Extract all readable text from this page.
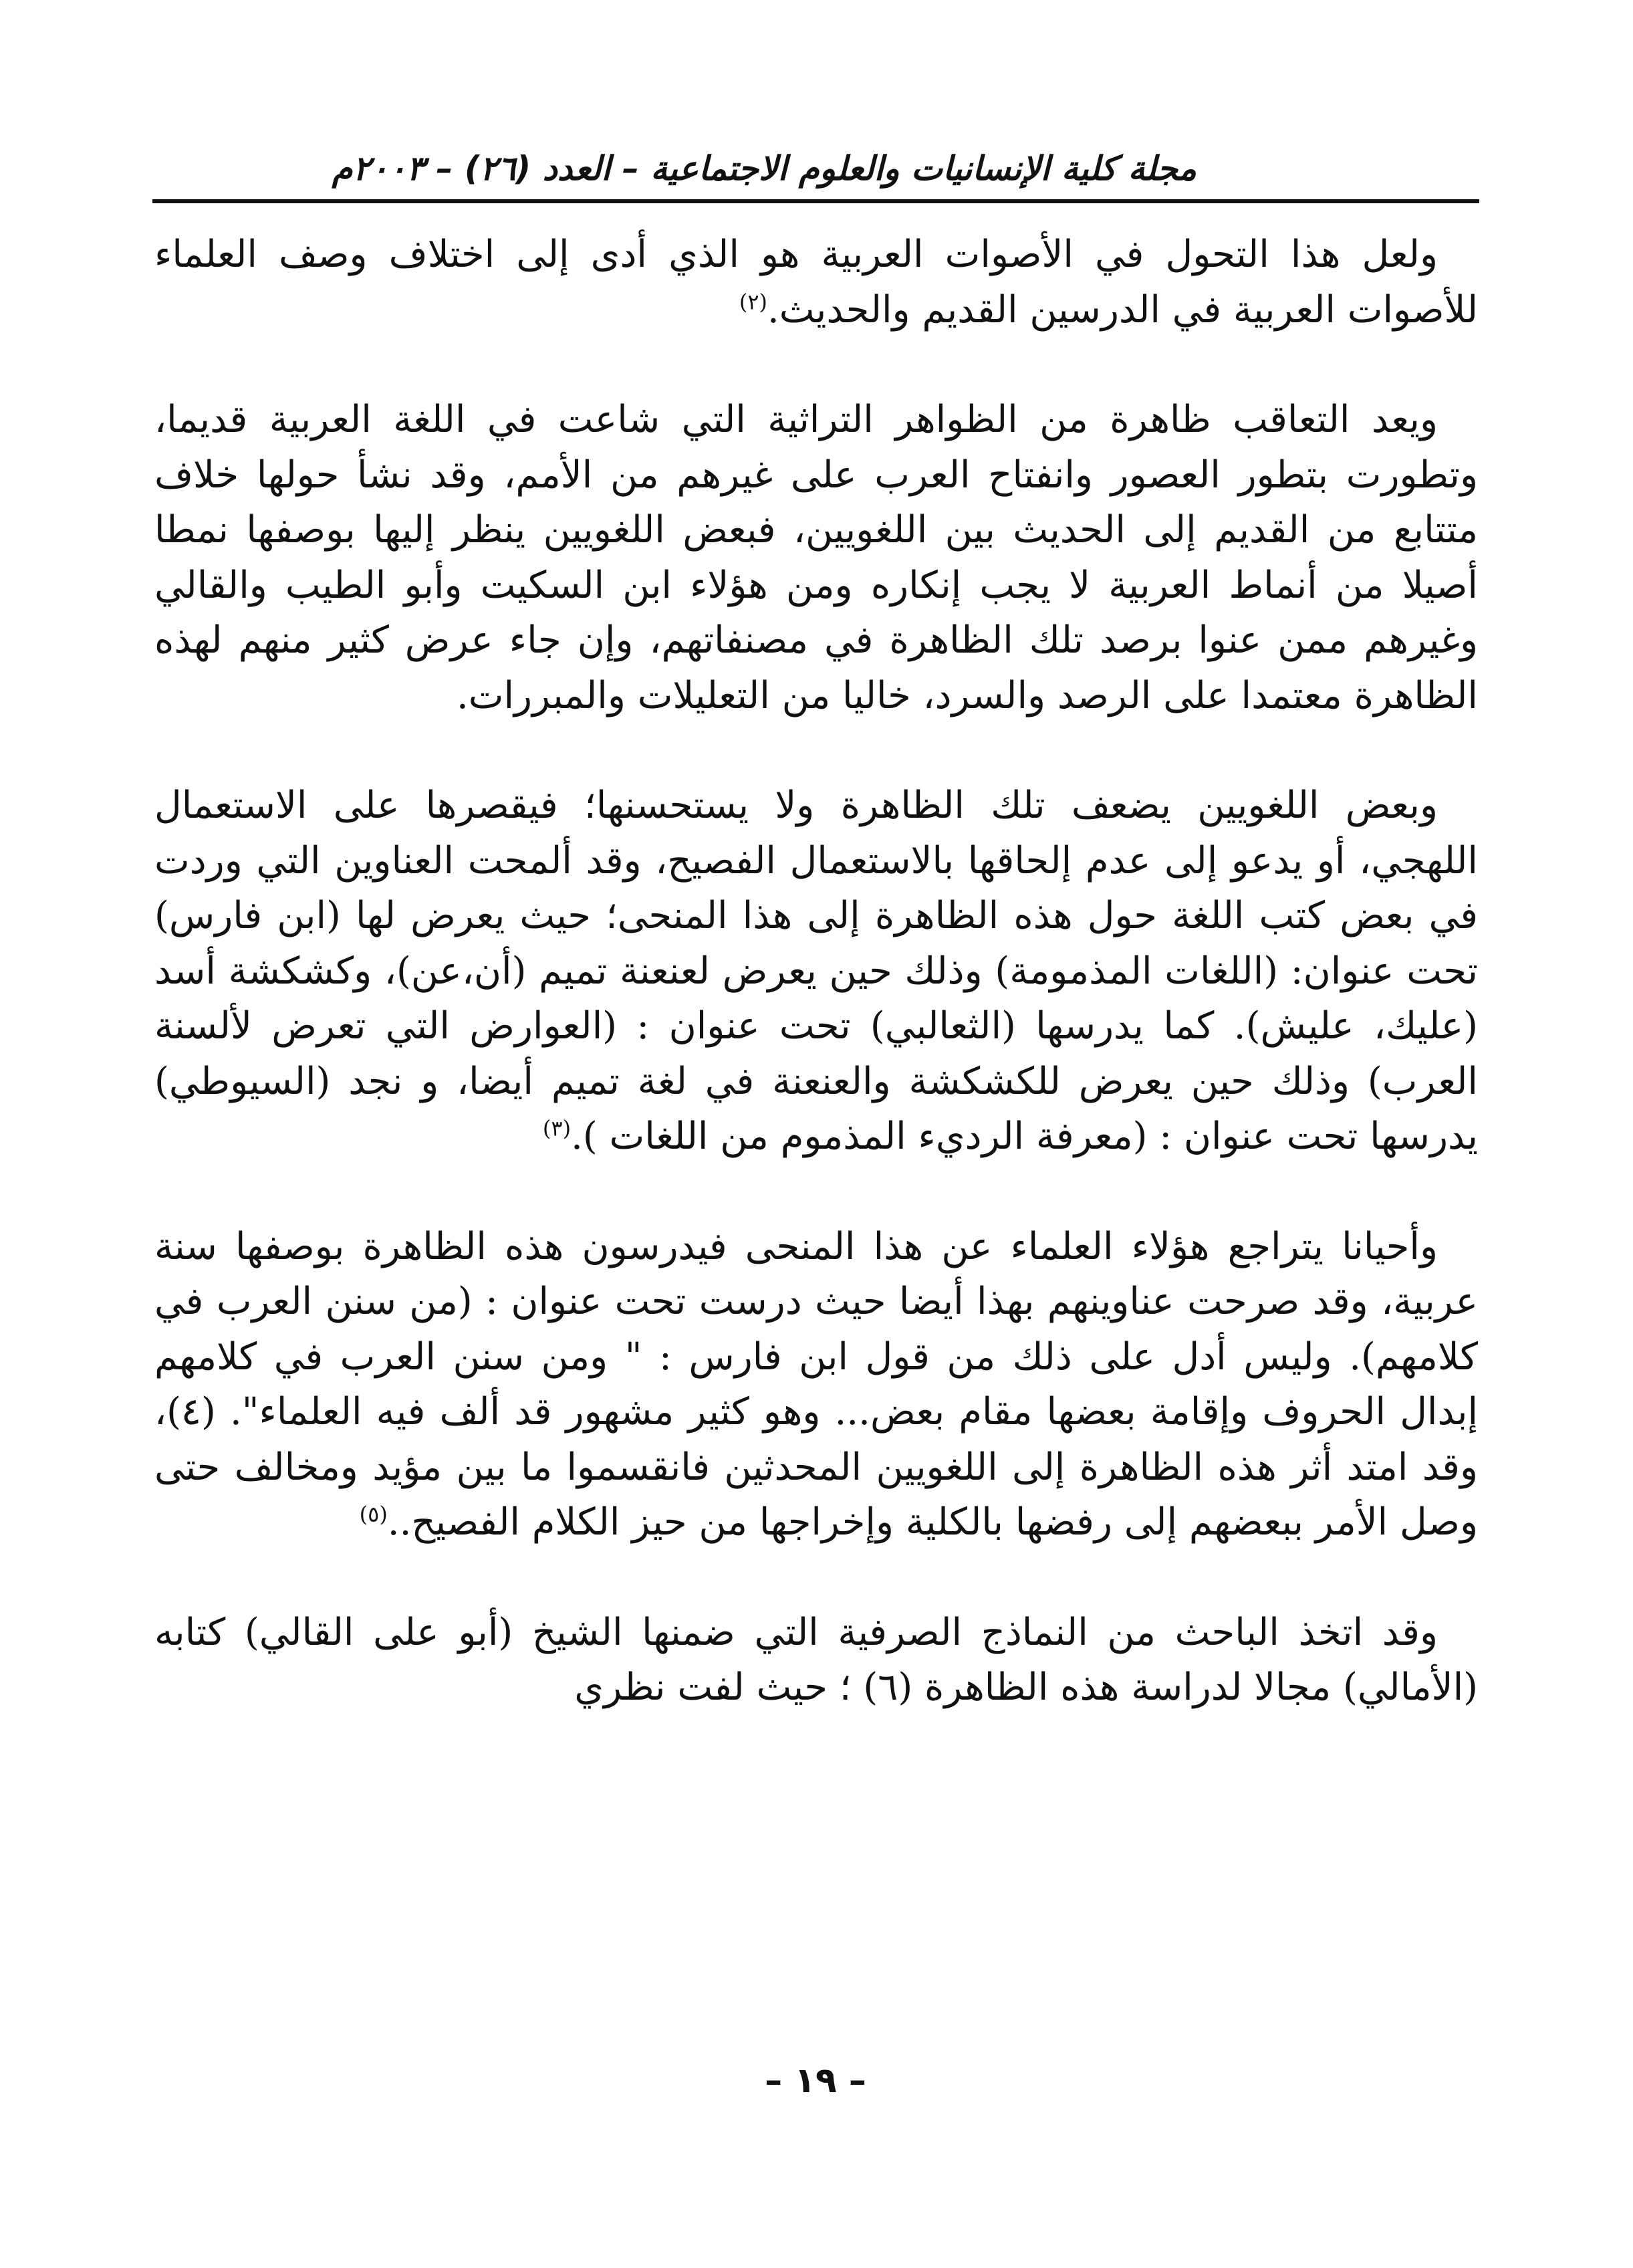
مجلة كلية الإنسانيات والعلوم الاجتماعية – العدد (٢٦) – ٢٠٠٣م

ولعل هذا التحول في الأصوات العربية هو الذي أدى إلى اختلاف وصف العلماء للأصوات العربية في الدرسين القديم والحديث.$^{(٢)}$

ويعد التعاقب ظاهرة من الظواهر التراثية التي شاعت في اللغة العربية قديما، وتطورت بتطور العصور وانفتاح العرب على غيرهم من الأمم، وقد نشأ حولها خلاف متتابع من القديم إلى الحديث بين اللغويين، فبعض اللغويين ينظر إليها بوصفها نمطا أصيلا من أنماط العربية لا يجب إنكاره ومن هؤلاء ابن السكيت وأبو الطيب والقالي وغيرهم ممن عنوا برصد تلك الظاهرة في مصنفاتهم، وإن جاء عرض كثير منهم لهذه الظاهرة معتمدا على الرصد والسرد، خاليا من التعليلات والمبررات.

وبعض اللغويين يضعف تلك الظاهرة ولا يستحسنها؛ فيقصرها على الاستعمال اللهجي، أو يدعو إلى عدم إلحاقها بالاستعمال الفصيح، وقد ألمحت العناوين التي وردت في بعض كتب اللغة حول هذه الظاهرة إلى هذا المنحى؛ حيث يعرض لها (ابن فارس) تحت عنوان: (اللغات المذمومة) وذلك حين يعرض لعنعنة تميم (أن،عن)، وكشكشة أسد (عليك، عليش). كما يدرسها (الثعالبي) تحت عنوان : (العوارض التي تعرض لألسنة العرب) وذلك حين يعرض للكشكشة والعنعنة في لغة تميم أيضا، و نجد (السيوطي) يدرسها تحت عنوان : (معرفة الرديء المذموم من اللغات ).$^{(٣)}$

وأحيانا يتراجع هؤلاء العلماء عن هذا المنحى فيدرسون هذه الظاهرة بوصفها سنة عربية، وقد صرحت عناوينهم بهذا أيضا حيث درست تحت عنوان : (من سنن العرب في كلامهم). وليس أدل على ذلك من قول ابن فارس : " ومن سنن العرب في كلامهم إبدال الحروف وإقامة بعضها مقام بعض... وهو كثير مشهور قد ألف فيه العلماء". (٤)، وقد امتد أثر هذه الظاهرة إلى اللغويين المحدثين فانقسموا ما بين مؤيد ومخالف حتى وصل الأمر ببعضهم إلى رفضها بالكلية وإخراجها من حيز الكلام الفصيح..$^{(٥)}$

وقد اتخذ الباحث من النماذج الصرفية التي ضمنها الشيخ (أبو على القالي) كتابه (الأمالي) مجالا لدراسة هذه الظاهرة (٦) ؛ حيث لفت نظري

– ١٩ –
